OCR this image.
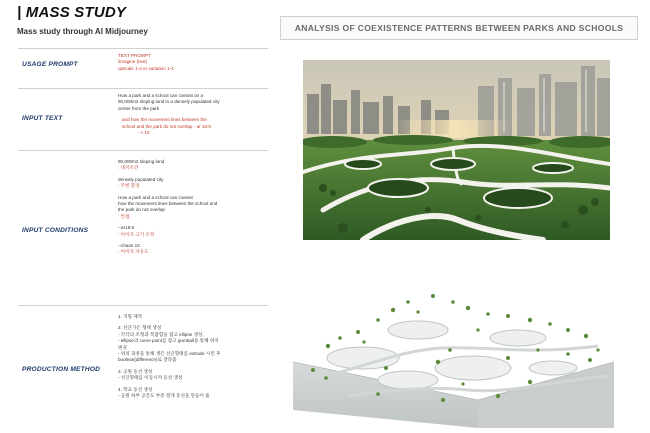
| MASS STUDY
Mass study through AI Midjourney
USAGE PROMPT
TEXT PROMPT
/imagine (text)
upscale 1-4 or variation 1-4
INPUT TEXT
How a park and a school can coexist on a
90,000m2 sloping land in a densely populated city
center from the park
and how the movement lines between the
school and the park do not overlap - ar 16:9
- c 10
INPUT CONDITIONS
90,000m2 sloping land
: 대지조건
densely populated city
: 주변 환경
How a park and a school can coexist
how the movement lines between the school and
the park do not overlap
: 컨셉
--ar16:9
: 이미지 크기 조정
--chaos 10
: 이미지 자유도
PRODUCTION METHOD
1. 지형 제작
2. 선큰가든 형태 생성
- 각각의 조형과 복잡함을 잡고 ellipse 생성,
- ellipse의 curve point를 잡고 gumball을 통해 위치
변경
- 위의 과정을 통해 생긴 선큰형태를 extrude 시킨 후
boolean(difference)로 잘라줌
3. 공원 동선 생성
- 선큰형태를 이동시켜 동선 생성
4. 학교 동선 생성
- 공원 하부 공간도 부분 절개 동선을 만들어 줌
ANALYSIS OF COEXISTENCE PATTERNS BETWEEN PARKS AND SCHOOLS
